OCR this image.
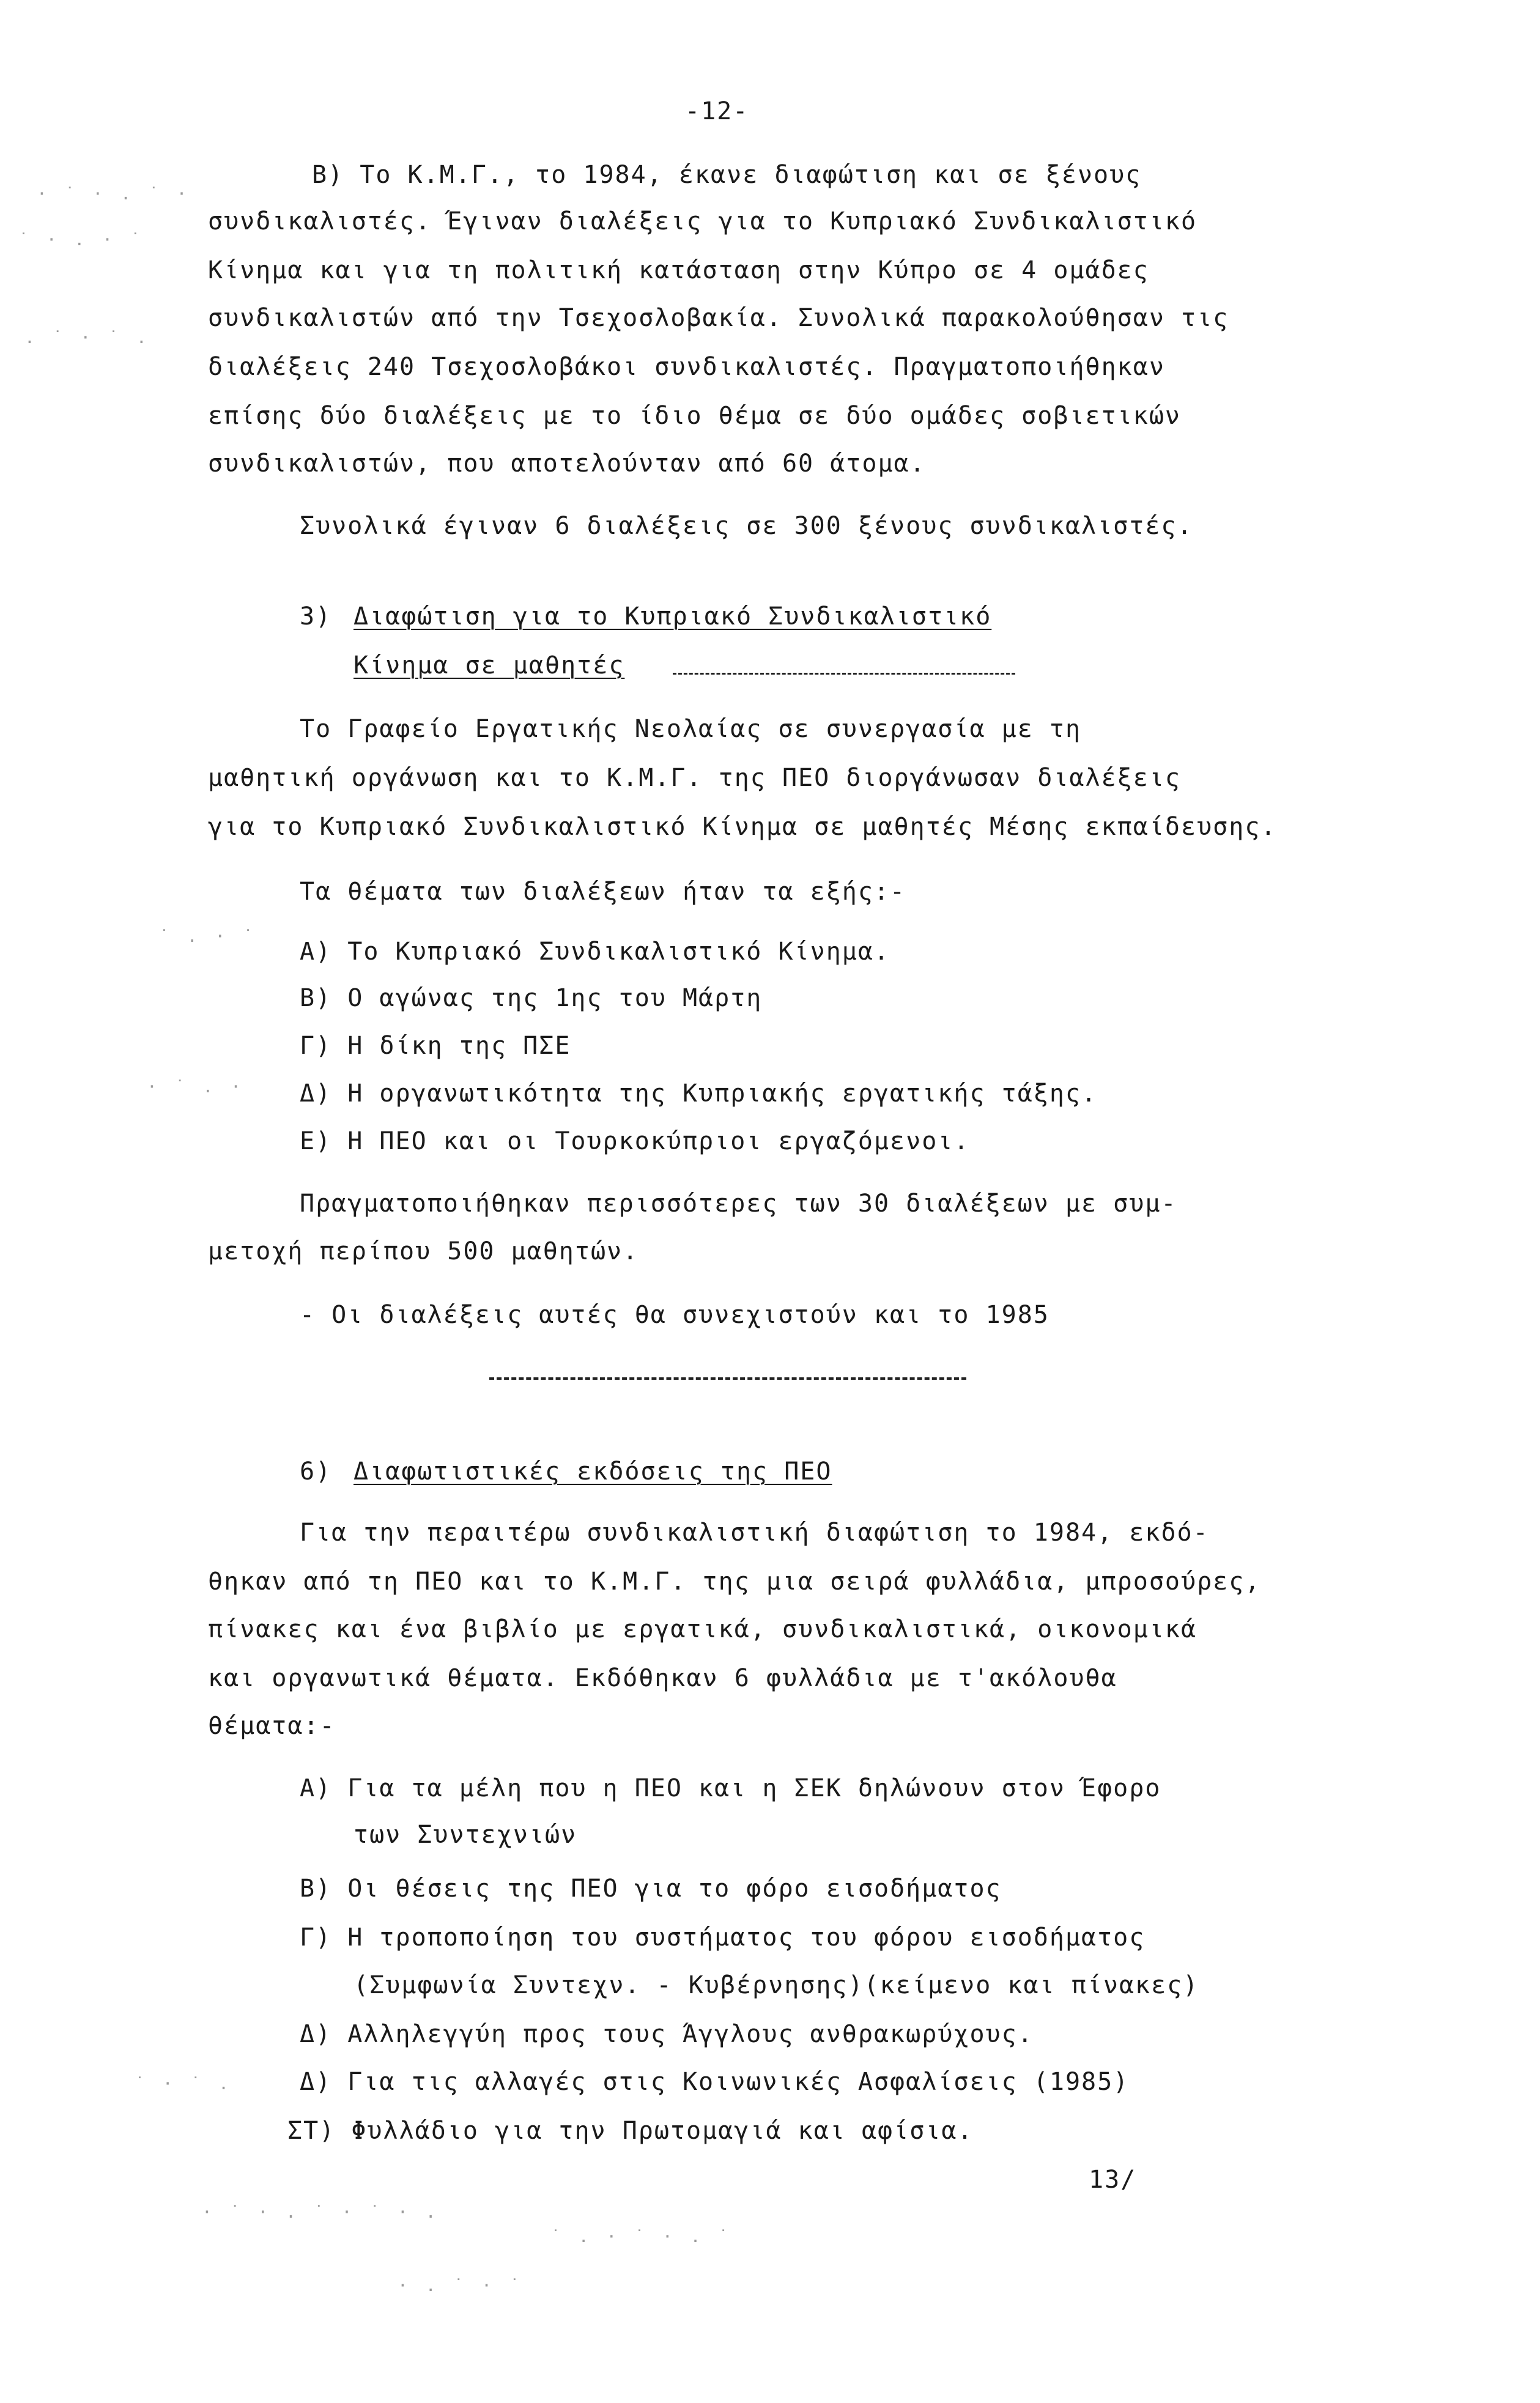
-12-
B) Το Κ.Μ.Γ., το 1984, έκανε διαφώτιση και σε ξένους
συνδικαλιστές. Έγιναν διαλέξεις για το Κυπριακό Συνδικαλιστικό
Κίνημα και για τη πολιτική κατάσταση στην Κύπρο σε 4 ομάδες
συνδικαλιστών από την Τσεχοσλοβακία. Συνολικά παρακολούθησαν τις
διαλέξεις 240 Τσεχοσλοβάκοι συνδικαλιστές. Πραγματοποιήθηκαν
επίσης δύο διαλέξεις με το ίδιο θέμα σε δύο ομάδες σοβιετικών
συνδικαλιστών, που αποτελούνταν από 60 άτομα.
Συνολικά έγιναν 6 διαλέξεις σε 300 ξένους συνδικαλιστές.
3) Διαφώτιση για το Κυπριακό Συνδικαλιστικό
Κίνημα σε μαθητές
Το Γραφείο Εργατικής Νεολαίας σε συνεργασία με τη
μαθητική οργάνωση και το Κ.Μ.Γ. της ΠΕΟ διοργάνωσαν διαλέξεις
για το Κυπριακό Συνδικαλιστικό Κίνημα σε μαθητές Μέσης εκπαίδευσης.
Τα θέματα των διαλέξεων ήταν τα εξής:-
Α) Το Κυπριακό Συνδικαλιστικό Κίνημα.
Β) Ο αγώνας της 1ης του Μάρτη
Γ) Η δίκη της ΠΣΕ
Δ) Η οργανωτικότητα της Κυπριακής εργατικής τάξης.
Ε) Η ΠΕΟ και οι Τουρκοκύπριοι εργαζόμενοι.
Πραγματοποιήθηκαν περισσότερες των 30 διαλέξεων με συμ-
μετοχή περίπου 500 μαθητών.
- Οι διαλέξεις αυτές θα συνεχιστούν και το 1985
6) Διαφωτιστικές εκδόσεις της ΠΕΟ
Για την περαιτέρω συνδικαλιστική διαφώτιση το 1984, εκδό-
θηκαν από τη ΠΕΟ και το Κ.Μ.Γ. της μια σειρά φυλλάδια, μπροσούρες,
πίνακες και ένα βιβλίο με εργατικά, συνδικαλιστικά, οικονομικά
και οργανωτικά θέματα. Εκδόθηκαν 6 φυλλάδια με τ'ακόλουθα
θέματα:-
Α) Για τα μέλη που η ΠΕΟ και η ΣΕΚ δηλώνουν στον Έφορο
των Συντεχνιών
Β) Οι θέσεις της ΠΕΟ για το φόρο εισοδήματος
Γ) Η τροποποίηση του συστήματος του φόρου εισοδήματος
(Συμφωνία Συντεχν. - Κυβέρνησης)(κείμενο και πίνακες)
Δ) Αλληλεγγύη προς τους Άγγλους ανθρακωρύχους.
Δ) Για τις αλλαγές στις Κοινωνικές Ασφαλίσεις (1985)
ΣΤ) Φυλλάδιο για την Πρωτομαγιά και αφίσια.
13/
· ˙ · . ˙ ·
˙ · . · ˙
. ˙ · ˙ .
˙ . · ˙
· ˙ . ·
˙ · ˙ .
· ˙ · . ˙ · ˙ · .
˙ . · ˙ · . ˙
· . ˙ · ˙
